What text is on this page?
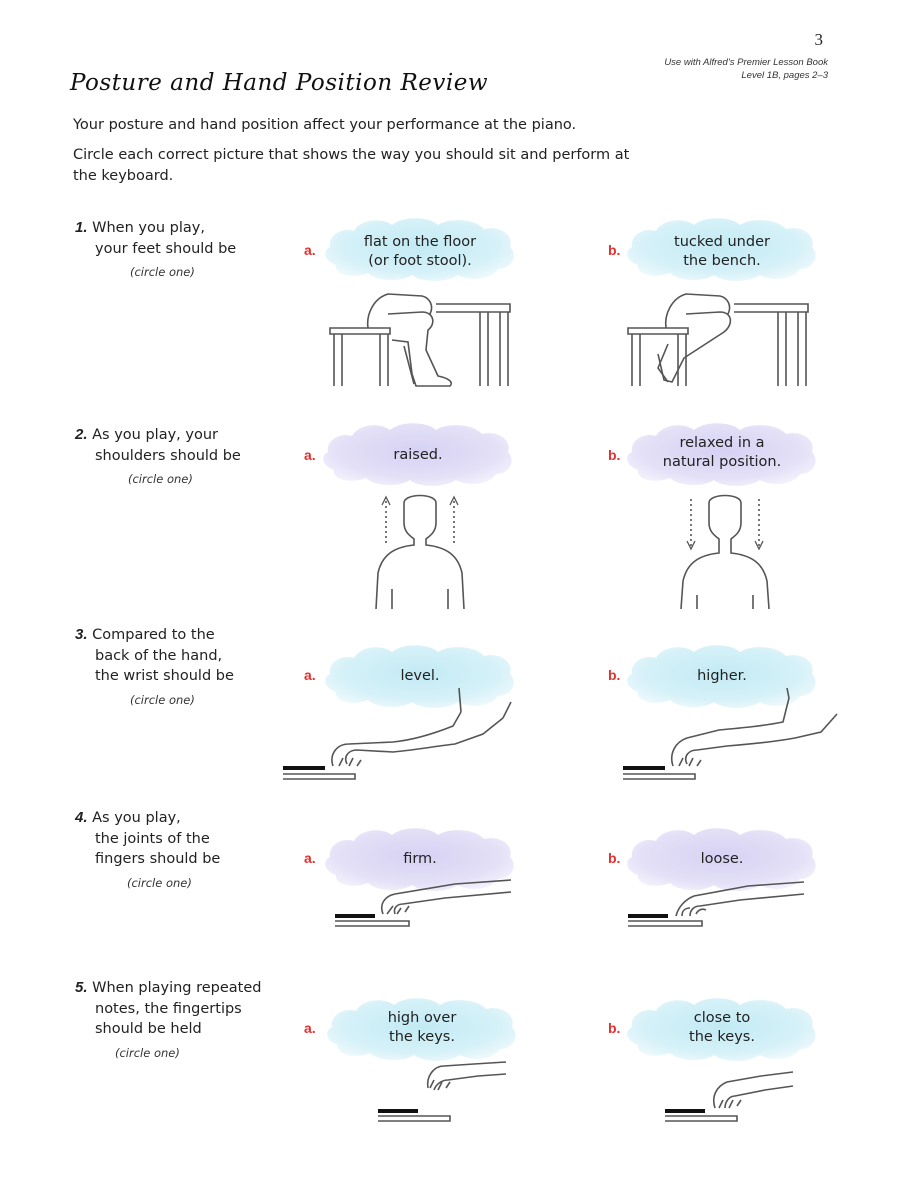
3
Use with Alfred’s Premier Lesson Book
Level 1B, pages 2–3
Posture and Hand Position Review
Your posture and hand position affect your performance at the piano.
Circle each correct picture that shows the way you should sit and perform at the keyboard.
1. When you play,
your feet should be
(circle one)
a.	flat on the floor
(or foot stool).
b.	tucked under
the bench.
2. As you play, your
shoulders should be
(circle one)
a.	raised.	b.
relaxed in a
natural position.
3. Compared to the
back of the hand,
the wrist should be
(circle one)
a.	level.	b.	higher.
4. As you play,
the joints of the
fingers should be
(circle one)
a.	firm.	b.	loose.
5. When playing repeated
notes, the fingertips
should be held
(circle one)
a.
high over
the keys.
b.
close to
the keys.
